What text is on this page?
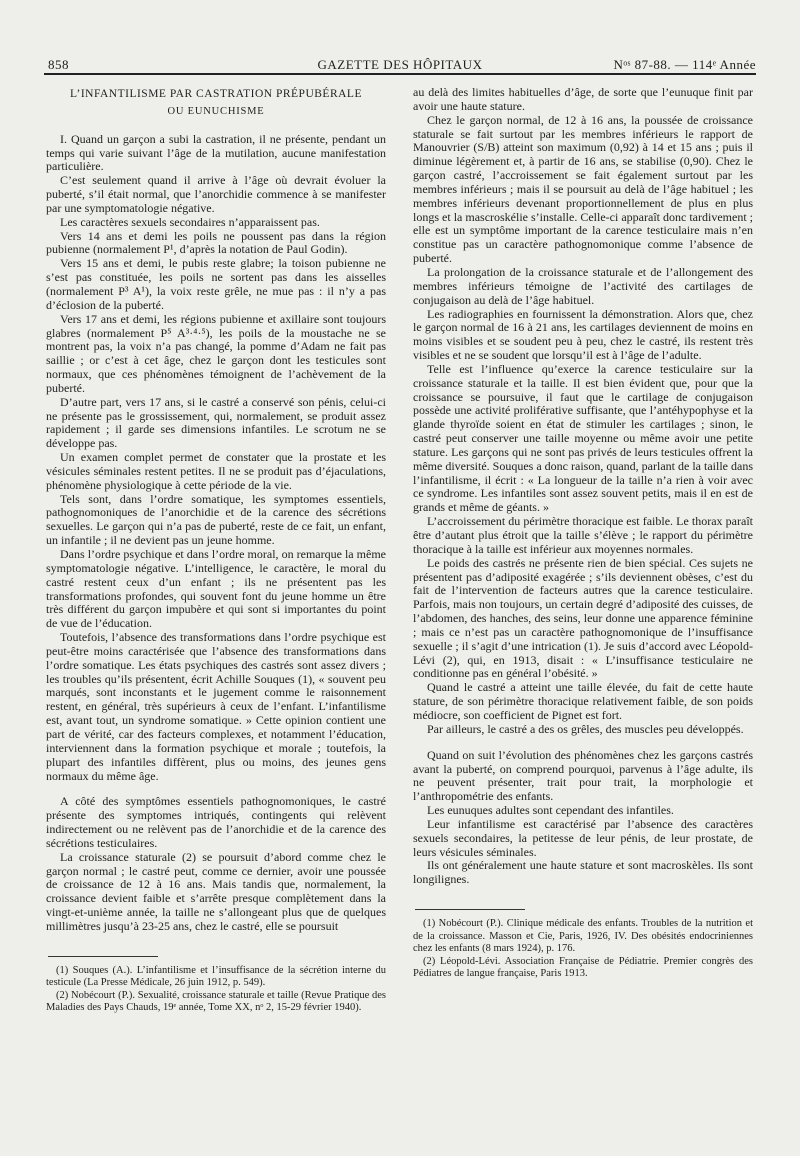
858	GAZETTE DES HÔPITAUX	Nᵒˢ 87-88. — 114ᵉ Année
L’INFANTILISME PAR CASTRATION PRÉPUBÉRALE
OU EUNUCHISME

I. Quand un garçon a subi la castration, il ne présente, pendant un temps qui varie suivant l’âge de la mutilation, aucune manifestation particulière.

C’est seulement quand il arrive à l’âge où devrait évoluer la puberté, s’il était normal, que l’anorchidie commence à se manifester par une symptomatologie négative.

Les caractères sexuels secondaires n’apparaissent pas.

Vers 14 ans et demi les poils ne poussent pas dans la région pubienne (normalement P¹, d’après la notation de Paul Godin).

Vers 15 ans et demi, le pubis reste glabre; la toison pubienne ne s’est pas constituée, les poils ne sortent pas dans les aisselles (normalement P³ A¹), la voix reste grêle, ne mue pas : il n’y a pas d’éclosion de la puberté.

Vers 17 ans et demi, les régions pubienne et axillaire sont toujours glabres (normalement P⁵ A³·⁴·⁵), les poils de la moustache ne se montrent pas, la voix n’a pas changé, la pomme d’Adam ne fait pas saillie ; or c’est à cet âge, chez le garçon dont les testicules sont normaux, que ces phénomènes témoignent de l’achèvement de la puberté.

D’autre part, vers 17 ans, si le castré a conservé son pénis, celui-ci ne présente pas le grossissement, qui, normalement, se produit assez rapidement ; il garde ses dimensions infantiles. Le scrotum ne se développe pas.

Un examen complet permet de constater que la prostate et les vésicules séminales restent petites. Il ne se produit pas d’éjaculations, phénomène physiologique à cette période de la vie.

Tels sont, dans l’ordre somatique, les symptomes essentiels, pathognomoniques de l’anorchidie et de la carence des sécrétions sexuelles. Le garçon qui n’a pas de puberté, reste de ce fait, un enfant, un infantile ; il ne devient pas un jeune homme.

Dans l’ordre psychique et dans l’ordre moral, on remarque la même symptomatologie négative. L’intelligence, le caractère, le moral du castré restent ceux d’un enfant ; ils ne présentent pas les transformations profondes, qui souvent font du jeune homme un être très différent du garçon impubère et qui sont si importantes du point de vue de l’éducation.

Toutefois, l’absence des transformations dans l’ordre psychique est peut-être moins caractérisée que l’absence des transformations dans l’ordre somatique. Les états psychiques des castrés sont assez divers ; les troubles qu’ils présentent, écrit Achille Souques (1), « souvent peu marqués, sont inconstants et le jugement comme le raisonnement restent, en général, très supérieurs à ceux de l’enfant. L’infantilisme est, avant tout, un syndrome somatique. » Cette opinion contient une part de vérité, car des facteurs complexes, et notamment l’éducation, interviennent dans la formation psychique et morale ; toutefois, la plupart des infantiles diffèrent, plus ou moins, des jeunes gens normaux du même âge.

A côté des symptômes essentiels pathognomoniques, le castré présente des symptomes intriqués, contingents qui relèvent indirectement ou ne relèvent pas de l’anorchidie et de la carence des sécrétions testiculaires.

La croissance staturale (2) se poursuit d’abord comme chez le garçon normal ; le castré peut, comme ce dernier, avoir une poussée de croissance de 12 à 16 ans. Mais tandis que, normalement, la croissance devient faible et s’arrête presque complètement dans la vingt-et-unième année, la taille ne s’allongeant plus que de quelques millimètres jusqu’à 23-25 ans, chez le castré, elle se poursuit

(1) Souques (A.). L’infantilisme et l’insuffisance de la sécrétion interne du testicule (La Presse Médicale, 26 juin 1912, p. 549).

(2) Nobécourt (P.). Sexualité, croissance staturale et taille (Revue Pratique des Maladies des Pays Chauds, 19ᵉ année, Tome XX, nᵒ 2, 15-29 février 1940).

au delà des limites habituelles d’âge, de sorte que l’eunuque finit par avoir une haute stature.

Chez le garçon normal, de 12 à 16 ans, la poussée de croissance staturale se fait surtout par les membres inférieurs le rapport de Manouvrier (S/B) atteint son maximum (0,92) à 14 et 15 ans ; puis il diminue légèrement et, à partir de 16 ans, se stabilise (0,90). Chez le garçon castré, l’accroissement se fait également surtout par les membres inférieurs ; mais il se poursuit au delà de l’âge habituel ; les membres inférieurs devenant proportionnellement de plus en plus longs et la mascroskélie s’installe. Celle-ci apparaît donc tardivement ; elle est un symptôme important de la carence testiculaire mais n’en constitue pas un caractère pathognomonique comme l’absence de puberté.

La prolongation de la croissance staturale et de l’allongement des membres inférieurs témoigne de l’activité des cartilages de conjugaison au delà de l’âge habituel.

Les radiographies en fournissent la démonstration. Alors que, chez le garçon normal de 16 à 21 ans, les cartilages deviennent de moins en moins visibles et se soudent peu à peu, chez le castré, ils restent très visibles et ne se soudent que lorsqu’il est à l’âge de l’adulte.

Telle est l’influence qu’exerce la carence testiculaire sur la croissance staturale et la taille. Il est bien évident que, pour que la croissance se poursuive, il faut que le cartilage de conjugaison possède une activité proliférative suffisante, que l’antéhypophyse et la glande thyroïde soient en état de stimuler les cartilages ; sinon, le castré peut conserver une taille moyenne ou même avoir une petite stature. Les garçons qui ne sont pas privés de leurs testicules offrent la même diversité. Souques a donc raison, quand, parlant de la taille dans l’infantilisme, il écrit : « La longueur de la taille n’a rien à voir avec ce syndrome. Les infantiles sont assez souvent petits, mais il en est de grands et même de géants. »

L’accroissement du périmètre thoracique est faible. Le thorax paraît être d’autant plus étroit que la taille s’élève ; le rapport du périmètre thoracique à la taille est inférieur aux moyennes normales.

Le poids des castrés ne présente rien de bien spécial. Ces sujets ne présentent pas d’adiposité exagérée ; s’ils deviennent obèses, c’est du fait de l’intervention de facteurs autres que la carence testiculaire. Parfois, mais non toujours, un certain degré d’adiposité des cuisses, de l’abdomen, des hanches, des seins, leur donne une apparence féminine ; mais ce n’est pas un caractère pathognomonique de l’insuffisance sexuelle ; il s’agit d’une intrication (1). Je suis d’accord avec Léopold-Lévi (2), qui, en 1913, disait : « L’insuffisance testiculaire ne conditionne pas en général l’obésité. »

Quand le castré a atteint une taille élevée, du fait de cette haute stature, de son périmètre thoracique relativement faible, de son poids médiocre, son coefficient de Pignet est fort.

Par ailleurs, le castré a des os grêles, des muscles peu développés.

Quand on suit l’évolution des phénomènes chez les garçons castrés avant la puberté, on comprend pourquoi, parvenus à l’âge adulte, ils ne peuvent présenter, trait pour trait, la morphologie et l’anthropométrie des enfants.

Les eunuques adultes sont cependant des infantiles.

Leur infantilisme est caractérisé par l’absence des caractères sexuels secondaires, la petitesse de leur pénis, de leur prostate, de leurs vésicules séminales.

Ils ont généralement une haute stature et sont macroskèles. Ils sont longilignes.

(1) Nobécourt (P.). Clinique médicale des enfants. Troubles de la nutrition et de la croissance. Masson et Cie, Paris, 1926, IV. Des obésités endocriniennes chez les enfants (8 mars 1924), p. 176.

(2) Léopold-Lévi. Association Française de Pédiatrie. Premier congrès des Pédiatres de langue française, Paris 1913.
